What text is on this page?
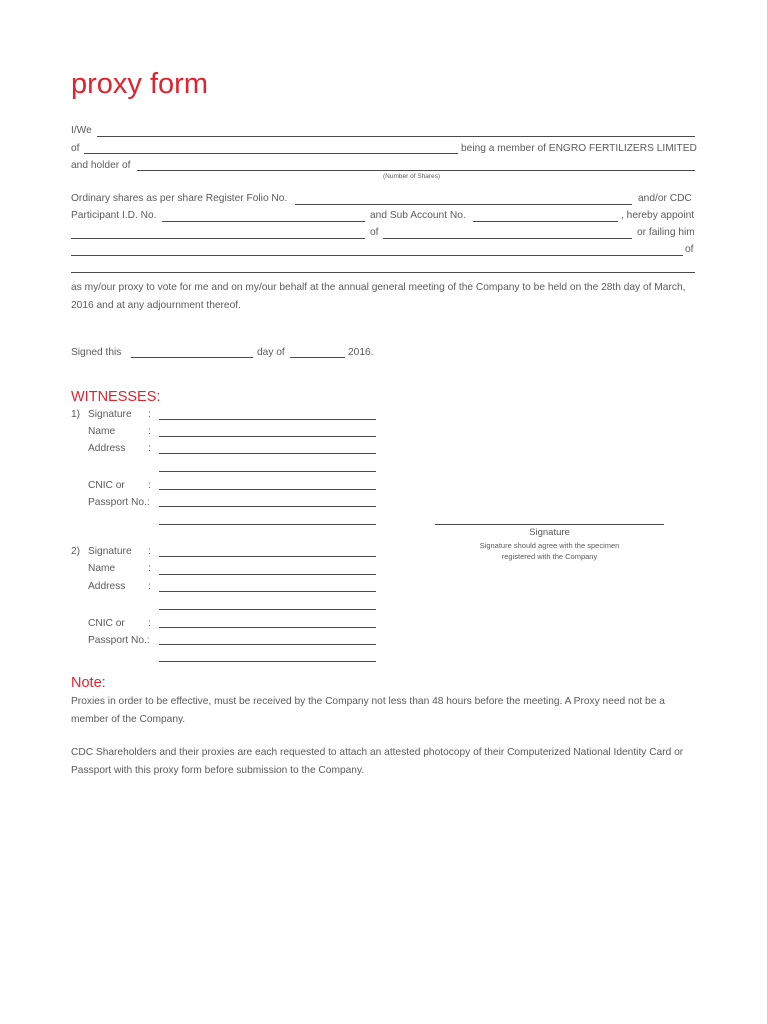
proxy form
I/We
of	being a member of ENGRO FERTILIZERS LIMITED
and holder of
(Number of Shares)
Ordinary shares as per share Register Folio No.	and/or CDC
Participant I.D. No.	and Sub Account No.	, hereby appoint
of	or failing him
of
as my/our proxy to vote for me and on my/our behalf at the annual general meeting of the Company to be held on the 28th day of March, 2016 and at any adjournment thereof.
Signed this	day of	2016.
WITNESSES:
1) Signature :
Name	:
Address :
CNIC or :
Passport No.:
Signature
Signature should agree with the specimen
registered with the Company
2) Signature :
Name	:
Address :
CNIC or :
Passport No.:
Note:
Proxies in order to be effective, must be received by the Company not less than 48 hours before the meeting. A Proxy need not be a member of the Company.
CDC Shareholders and their proxies are each requested to attach an attested photocopy of their Computerized National Identity Card or Passport with this proxy form before submission to the Company.
